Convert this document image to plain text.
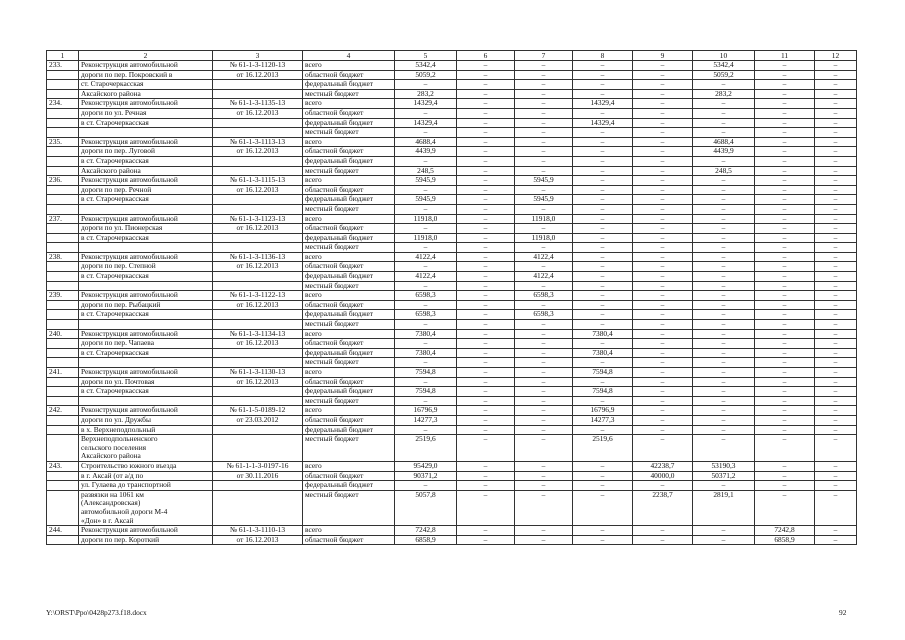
1	2	3	4	5	6	7	8	9	10	11	12
233.	Реконструкция автомобильной	№ 61-1-3-1120-13	всего	5342,4	–	–	–	–	5342,4	–	–
	дороги по пер. Покровский в	от 16.12.2013	областной бюджет	5059,2	–	–	–	–	5059,2	–	–
	ст. Старочеркасская		федеральный бюджет	–	–	–	–	–	–	–	–
	Аксайского района		местный бюджет	283,2	–	–	–	–	283,2	–	–
234.	Реконструкция автомобильной	№ 61-1-3-1135-13	всего	14329,4	–	–	14329,4	–	–	–	–
	дороги по ул. Речная	от 16.12.2013	областной бюджет	–	–	–	–	–	–	–	–
	в ст. Старочеркасская		федеральный бюджет	14329,4	–	–	14329,4	–	–	–	–
			местный бюджет	–	–	–	–	–	–	–	–
235.	Реконструкция автомобильной	№ 61-1-3-1113-13	всего	4688,4	–	–	–	–	4688,4	–	–
	дороги по пер. Луговой	от 16.12.2013	областной бюджет	4439,9	–	–	–	–	4439,9	–	–
	в ст. Старочеркасская		федеральный бюджет	–	–	–	–	–	–	–	–
	Аксайского района		местный бюджет	248,5	–	–	–	–	248,5	–	–
236.	Реконструкция автомобильной	№ 61-1-3-1115-13	всего	5945,9	–	5945,9	–	–	–	–	–
	дороги по пер. Речной	от 16.12.2013	областной бюджет	–	–	–	–	–	–	–	–
	в ст. Старочеркасская		федеральный бюджет	5945,9	–	5945,9	–	–	–	–	–
			местный бюджет	–	–	–	–	–	–	–	–
237.	Реконструкция автомобильной	№ 61-1-3-1123-13	всего	11918,0	–	11918,0	–	–	–	–	–
	дороги по ул. Пионерская	от 16.12.2013	областной бюджет	–	–	–	–	–	–	–	–
	в ст. Старочеркасская		федеральный бюджет	11918,0	–	11918,0	–	–	–	–	–
			местный бюджет	–	–	–	–	–	–	–	–
238.	Реконструкция автомобильной	№ 61-1-3-1136-13	всего	4122,4	–	4122,4	–	–	–	–	–
	дороги по пер. Степной	от 16.12.2013	областной бюджет	–	–	–	–	–	–	–	–
	в ст. Старочеркасская		федеральный бюджет	4122,4	–	4122,4	–	–	–	–	–
			местный бюджет	–	–	–	–	–	–	–	–
239.	Реконструкция автомобильной	№ 61-1-3-1122-13	всего	6598,3	–	6598,3	–	–	–	–	–
	дороги по пер. Рыбацкий	от 16.12.2013	областной бюджет	–	–	–	–	–	–	–	–
	в ст. Старочеркасская		федеральный бюджет	6598,3	–	6598,3	–	–	–	–	–
			местный бюджет	–	–	–	–	–	–	–	–
240.	Реконструкция автомобильной	№ 61-1-3-1134-13	всего	7380,4	–	–	7380,4	–	–	–	–
	дороги по пер. Чапаева	от 16.12.2013	областной бюджет	–	–	–	–	–	–	–	–
	в ст. Старочеркасская		федеральный бюджет	7380,4	–	–	7380,4	–	–	–	–
			местный бюджет	–	–	–	–	–	–	–	–
241.	Реконструкция автомобильной	№ 61-1-3-1130-13	всего	7594,8	–	–	7594,8	–	–	–	–
	дороги по ул. Почтовая	от 16.12.2013	областной бюджет	–	–	–	–	–	–	–	–
	в ст. Старочеркасская		федеральный бюджет	7594,8	–	–	7594,8	–	–	–	–
			местный бюджет	–	–	–	–	–	–	–	–
242.	Реконструкция автомобильной	№ 61-1-5-0189-12	всего	16796,9	–	–	16796,9	–	–	–	–
	дороги по ул. Дружбы	от 23.03.2012	областной бюджет	14277,3	–	–	14277,3	–	–	–	–
	в х. Верхнеподпольный		федеральный бюджет	–	–	–	–	–	–	–	–

	Верхнеподпольненского
сельского поселения
Аксайского района		местный бюджет	2519,6	–	–	2519,6	–	–	–	–
243.	Строительство южного въезда	№ 61-1-1-3-0197-16	всего	95429,0	–	–	–	42238,7	53190,3	–	–
	в г. Аксай (от а/д по	от 30.11.2016	областной бюджет	90371,2	–	–	–	40000,0	50371,2	–	–
	ул. Гулаева до транспортной		федеральный бюджет	–	–	–	–	–	–	–	–

	развязки на 1061 км
(Александровская)
автомобильной дороги М-4
«Дон» в г. Аксай		местный бюджет	5057,8	–	–	–	2238,7	2819,1	–	–
244.	Реконструкция автомобильной	№ 61-1-3-1110-13	всего	7242,8	–	–	–	–	–	7242,8	–
	дороги по пер. Короткий	от 16.12.2013	областной бюджет	6858,9	–	–	–	–	–	6858,9	–
Y:\ORST\Ppo\0428p273.f18.docx	92
